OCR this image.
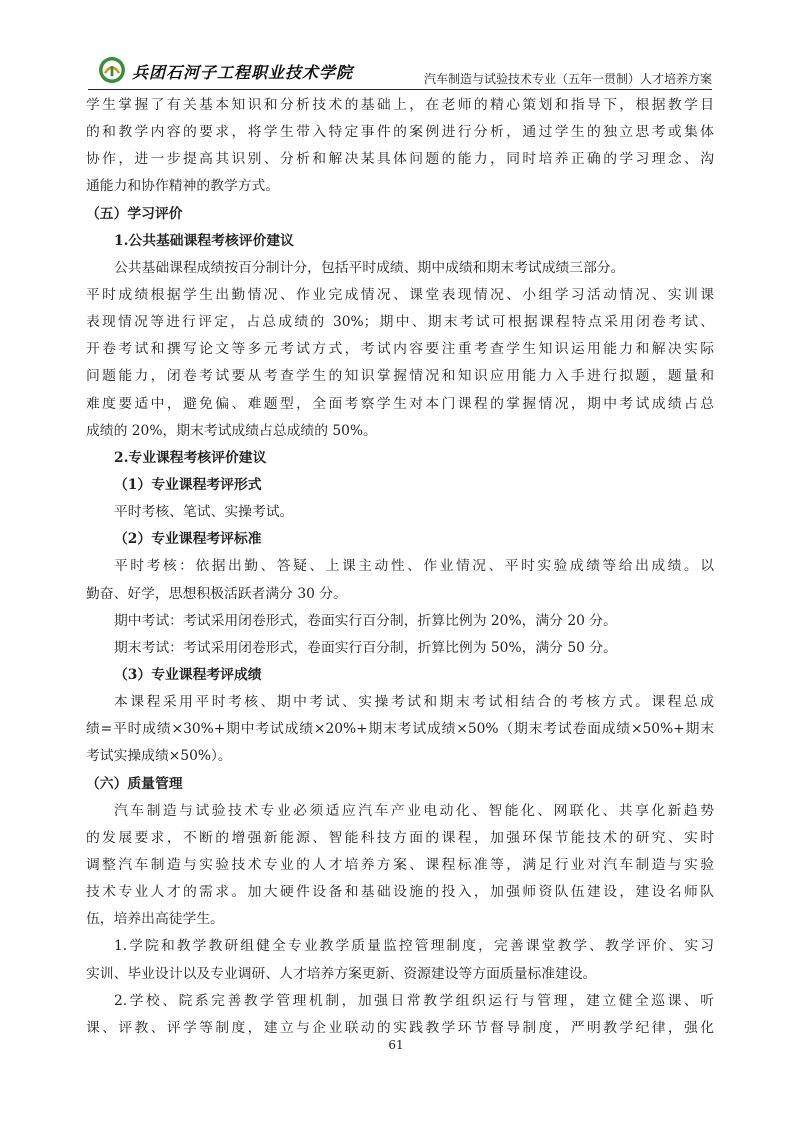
兵团石河子工程职业技术学院	汽车制造与试验技术专业（五年一贯制）人才培养方案
学生掌握了有关基本知识和分析技术的基础上，在老师的精心策划和指导下，根据教学目
的和教学内容的要求，将学生带入特定事件的案例进行分析，通过学生的独立思考或集体
协作，进一步提高其识别、分析和解决某具体问题的能力，同时培养正确的学习理念、沟
通能力和协作精神的教学方式。
（五）学习评价
1.公共基础课程考核评价建议
公共基础课程成绩按百分制计分，包括平时成绩、期中成绩和期末考试成绩三部分。
平时成绩根据学生出勤情况、作业完成情况、课堂表现情况、小组学习活动情况、实训课
表现情况等进行评定，占总成绩的 30%；期中、期末考试可根据课程特点采用闭卷考试、
开卷考试和撰写论文等多元考试方式，考试内容要注重考查学生知识运用能力和解决实际
问题能力，闭卷考试要从考查学生的知识掌握情况和知识应用能力入手进行拟题，题量和
难度要适中，避免偏、难题型，全面考察学生对本门课程的掌握情况，期中考试成绩占总
成绩的 20%，期末考试成绩占总成绩的 50%。
2.专业课程考核评价建议
（1）专业课程考评形式
平时考核、笔试、实操考试。
（2）专业课程考评标准
平时考核：依据出勤、答疑、上课主动性、作业情况、平时实验成绩等给出成绩。以
勤奋、好学，思想积极活跃者满分 30 分。
期中考试：考试采用闭卷形式，卷面实行百分制，折算比例为 20%，满分 20 分。
期末考试：考试采用闭卷形式，卷面实行百分制，折算比例为 50%，满分 50 分。
（3）专业课程考评成绩
本课程采用平时考核、期中考试、实操考试和期末考试相结合的考核方式。课程总成
绩=平时成绩×30%+期中考试成绩×20%+期末考试成绩×50%（期末考试卷面成绩×50%+期末
考试实操成绩×50%）。
（六）质量管理
汽车制造与试验技术专业必须适应汽车产业电动化、智能化、网联化、共享化新趋势
的发展要求，不断的增强新能源、智能科技方面的课程，加强环保节能技术的研究、实时
调整汽车制造与实验技术专业的人才培养方案、课程标准等，满足行业对汽车制造与实验
技术专业人才的需求。加大硬件设备和基础设施的投入，加强师资队伍建设，建设名师队
伍，培养出高徒学生。
1.学院和教学教研组健全专业教学质量监控管理制度，完善课堂教学、教学评价、实习
实训、毕业设计以及专业调研、人才培养方案更新、资源建设等方面质量标准建设。
2.学校、院系完善教学管理机制，加强日常教学组织运行与管理，建立健全巡课、听
课、评教、评学等制度，建立与企业联动的实践教学环节督导制度，严明教学纪律，强化
61
